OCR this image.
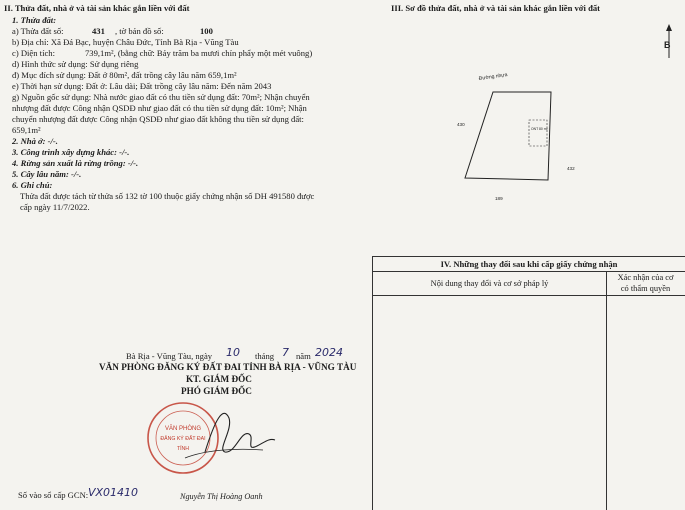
II. Thửa đất, nhà ở và tài sản khác gắn liền với đất
1. Thửa đất:
a) Thửa đất số:	431 , tờ bản đồ số:	100
b) Địa chỉ: Xã Đá Bạc, huyện Châu Đức, Tỉnh Bà Rịa - Vũng Tàu
c) Diện tích:	739,1m², (bằng chữ: Bảy trăm ba mươi chín phẩy một mét vuông)
d) Hình thức sử dụng: Sử dụng riêng
đ) Mục đích sử dụng: Đất ở 80m², đất trồng cây lâu năm 659,1m²
e) Thời hạn sử dụng: Đất ở: Lâu dài; Đất trồng cây lâu năm: Đến năm 2043
g) Nguồn gốc sử dụng: Nhà nước giao đất có thu tiền sử dụng đất: 70m²; Nhận chuyển
nhượng đất được Công nhận QSDĐ như giao đất có thu tiền sử dụng đất: 10m²; Nhận
chuyển nhượng đất được Công nhận QSDĐ như giao đất không thu tiền sử dụng đất:
659,1m²
2. Nhà ở: -/-.
3. Công trình xây dựng khác: -/-.
4. Rừng sản xuất là rừng trồng: -/-.
5. Cây lâu năm: -/-.
6. Ghi chú:
Thửa đất được tách từ thửa số 132 tờ 100 thuộc giấy chứng nhận số DH 491580 được
cấp ngày 11/7/2022.
Bà Rịa - Vũng Tàu, ngày 10 tháng 7 năm 2024
VĂN PHÒNG ĐĂNG KÝ ĐẤT ĐAI TỈNH BÀ RỊA - VŨNG TÀU
KT. GIÁM ĐỐC
PHÓ GIÁM ĐỐC
VĂN PHÒNG
ĐĂNG KÝ ĐẤT ĐAI
TỈNH
Nguyễn Thị Hoàng Oanh
Số vào sổ cấp GCN: VX01410
III. Sơ đồ thửa đất, nhà ở và tài sản khác gắn liền với đất
ONT 80 m²
Đường nhựa
430
432
189
B
IV. Những thay đổi sau khi cấp giấy chứng nhận
Nội dung thay đổi và cơ sở pháp lý
Xác nhận của cơ
có thẩm quyền
